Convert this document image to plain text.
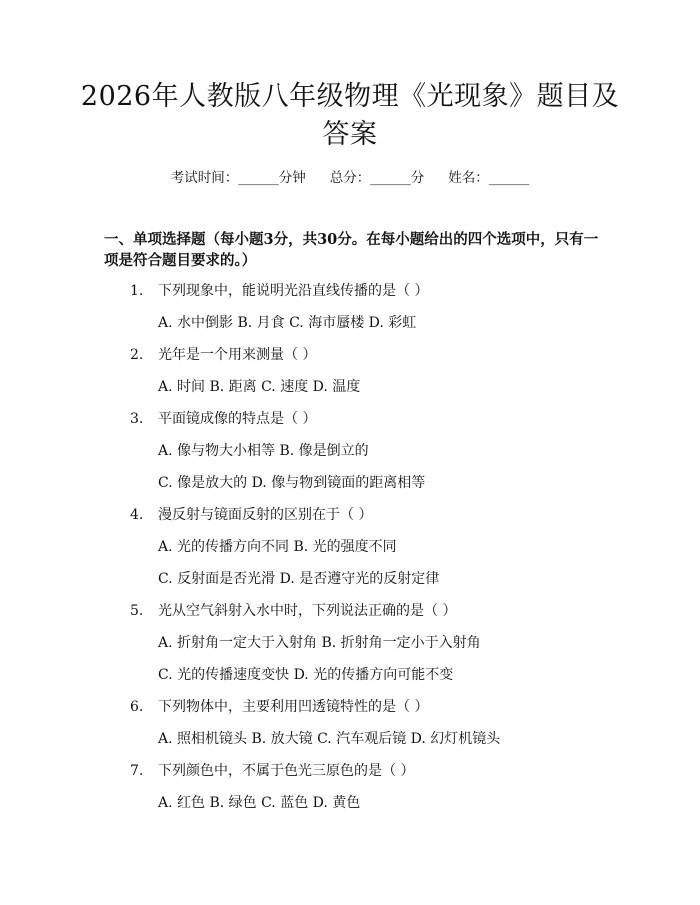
2026年人教版八年级物理《光现象》题目及答案
考试时间：______分钟 总分：______分 姓名：______
一、单项选择题（每小题3分，共30分。在每小题给出的四个选项中，只有一项是符合题目要求的。）
1. 下列现象中，能说明光沿直线传播的是（ ）
A. 水中倒影 B. 月食 C. 海市蜃楼 D. 彩虹
2. 光年是一个用来测量（ ）
A. 时间 B. 距离 C. 速度 D. 温度
3. 平面镜成像的特点是（ ）
A. 像与物大小相等 B. 像是倒立的
C. 像是放大的 D. 像与物到镜面的距离相等
4. 漫反射与镜面反射的区别在于（ ）
A. 光的传播方向不同 B. 光的强度不同
C. 反射面是否光滑 D. 是否遵守光的反射定律
5. 光从空气斜射入水中时，下列说法正确的是（ ）
A. 折射角一定大于入射角 B. 折射角一定小于入射角
C. 光的传播速度变快 D. 光的传播方向可能不变
6. 下列物体中，主要利用凹透镜特性的是（ ）
A. 照相机镜头 B. 放大镜 C. 汽车观后镜 D. 幻灯机镜头
7. 下列颜色中，不属于色光三原色的是（ ）
A. 红色 B. 绿色 C. 蓝色 D. 黄色
